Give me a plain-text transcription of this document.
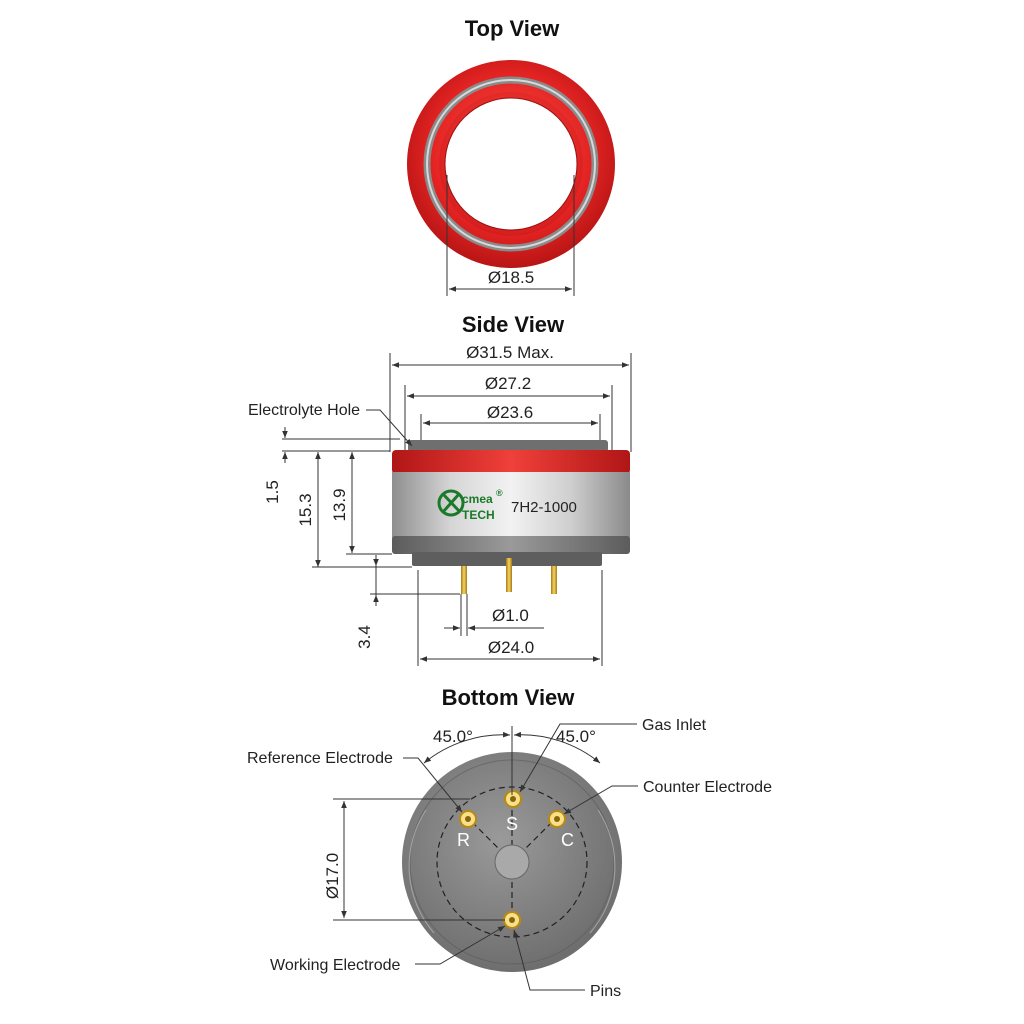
Top View
Ø18.5
Side View
Ø31.5 Max.
Ø27.2
Ø23.6
cmea
TECH
®
7H2-1000
Electrolyte Hole
1.5
15.3 13.9
3.4
Ø1.0
Ø24.0
Bottom View
R
S
C
45.0°	45.0°
Gas Inlet
Reference Electrode
Counter Electrode
Working Electrode
Pins
Ø17.0
